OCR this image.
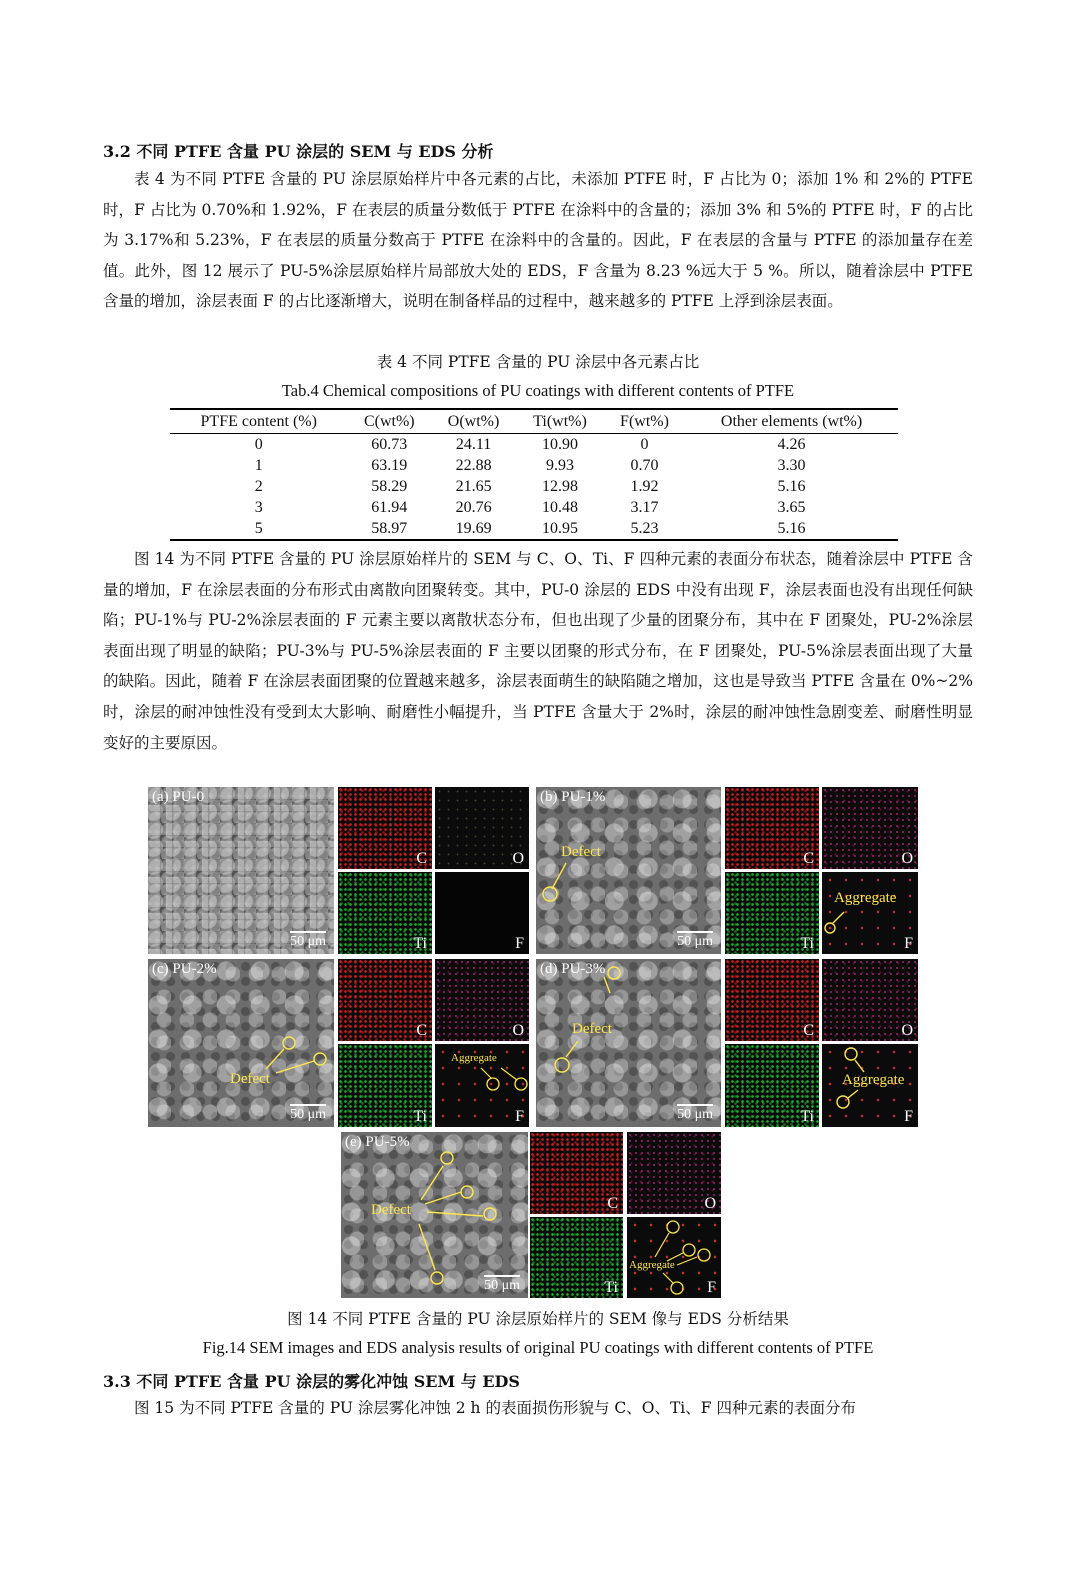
3.2 不同 PTFE 含量 PU 涂层的 SEM 与 EDS 分析

表 4 为不同 PTFE 含量的 PU 涂层原始样片中各元素的占比，未添加 PTFE 时，F 占比为 0；添加 1% 和 2%的 PTFE 时，F 占比为 0.70%和 1.92%，F 在表层的质量分数低于 PTFE 在涂料中的含量的；添加 3% 和 5%的 PTFE 时，F 的占比为 3.17%和 5.23%，F 在表层的质量分数高于 PTFE 在涂料中的含量的。因此，F 在表层的含量与 PTFE 的添加量存在差值。此外，图 12 展示了 PU-5%涂层原始样片局部放大处的 EDS，F 含量为 8.23 %远大于 5 %。所以，随着涂层中 PTFE 含量的增加，涂层表面 F 的占比逐渐增大，说明在制备样品的过程中，越来越多的 PTFE 上浮到涂层表面。

表 4 不同 PTFE 含量的 PU 涂层中各元素占比
Tab.4 Chemical compositions of PU coatings with different contents of PTFE
PTFE content (%)	C(wt%)	O(wt%)	Ti(wt%)	F(wt%)	Other elements (wt%)
0	60.73	24.11	10.90	0	4.26
1	63.19	22.88	9.93	0.70	3.30
2	58.29	21.65	12.98	1.92	5.16
3	61.94	20.76	10.48	3.17	3.65
5	58.97	19.69	10.95	5.23	5.16

图 14 为不同 PTFE 含量的 PU 涂层原始样片的 SEM 与 C、O、Ti、F 四种元素的表面分布状态，随着涂层中 PTFE 含量的增加，F 在涂层表面的分布形式由离散向团聚转变。其中，PU-0 涂层的 EDS 中没有出现 F，涂层表面也没有出现任何缺陷；PU-1%与 PU-2%涂层表面的 F 元素主要以离散状态分布，但也出现了少量的团聚分布，其中在 F 团聚处，PU-2%涂层表面出现了明显的缺陷；PU-3%与 PU-5%涂层表面的 F 主要以团聚的形式分布，在 F 团聚处，PU-5%涂层表面出现了大量的缺陷。因此，随着 F 在涂层表面团聚的位置越来越多，涂层表面萌生的缺陷随之增加，这也是导致当 PTFE 含量在 0%~2%时，涂层的耐冲蚀性没有受到太大影响、耐磨性小幅提升，当 PTFE 含量大于 2%时，涂层的耐冲蚀性急剧变差、耐磨性明显变好的主要原因。

(a) PU-0
50 μm
C	O
Ti	F
(b) PU-1%
Defect
50 μm
C	O
Ti
Aggregate
F
(c) PU-2%
Defect
50 μm
C	O
Ti
Aggregate
F
(d) PU-3%
Defect
50 μm
C	O
Ti
Aggregate
F
(e) PU-5%
Defect
50 μm
C	O
Ti
Aggregate
F
图 14 不同 PTFE 含量的 PU 涂层原始样片的 SEM 像与 EDS 分析结果
Fig.14 SEM images and EDS analysis results of original PU coatings with different contents of PTFE
3.3 不同 PTFE 含量 PU 涂层的雾化冲蚀 SEM 与 EDS

图 15 为不同 PTFE 含量的 PU 涂层雾化冲蚀 2 h 的表面损伤形貌与 C、O、Ti、F 四种元素的表面分布
